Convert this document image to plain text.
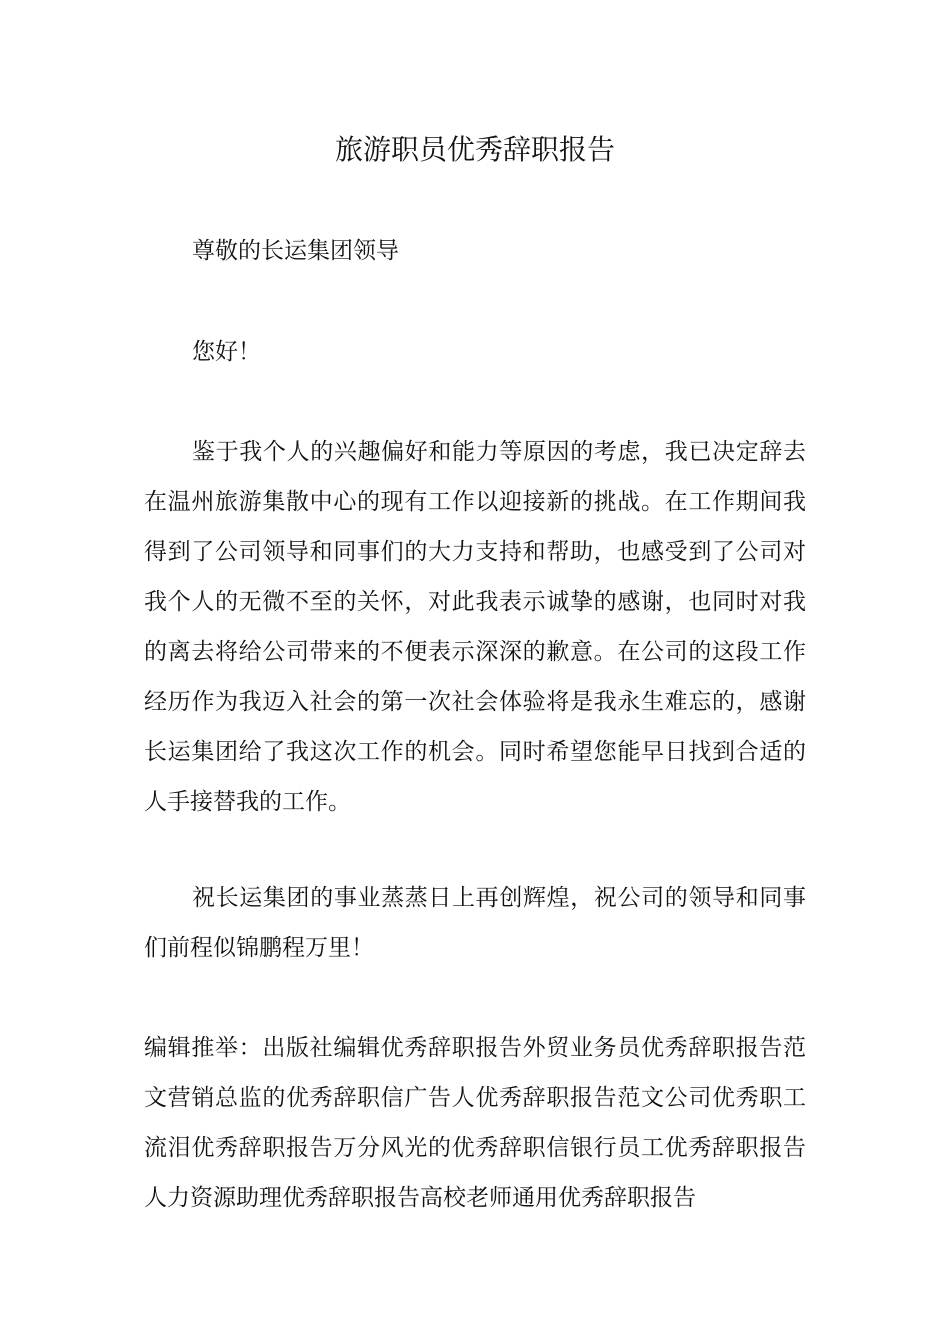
旅游职员优秀辞职报告

尊敬的长运集团领导

您好！

鉴于我个人的兴趣偏好和能力等原因的考虑，我已决定辞去在温州旅游集散中心的现有工作以迎接新的挑战。在工作期间我得到了公司领导和同事们的大力支持和帮助，也感受到了公司对我个人的无微不至的关怀，对此我表示诚挚的感谢，也同时对我的离去将给公司带来的不便表示深深的歉意。在公司的这段工作经历作为我迈入社会的第一次社会体验将是我永生难忘的，感谢长运集团给了我这次工作的机会。同时希望您能早日找到合适的人手接替我的工作。

祝长运集团的事业蒸蒸日上再创辉煌，祝公司的领导和同事们前程似锦鹏程万里！

编辑推举：出版社编辑优秀辞职报告外贸业务员优秀辞职报告范文营销总监的优秀辞职信广告人优秀辞职报告范文公司优秀职工流泪优秀辞职报告万分风光的优秀辞职信银行员工优秀辞职报告人力资源助理优秀辞职报告高校老师通用优秀辞职报告
